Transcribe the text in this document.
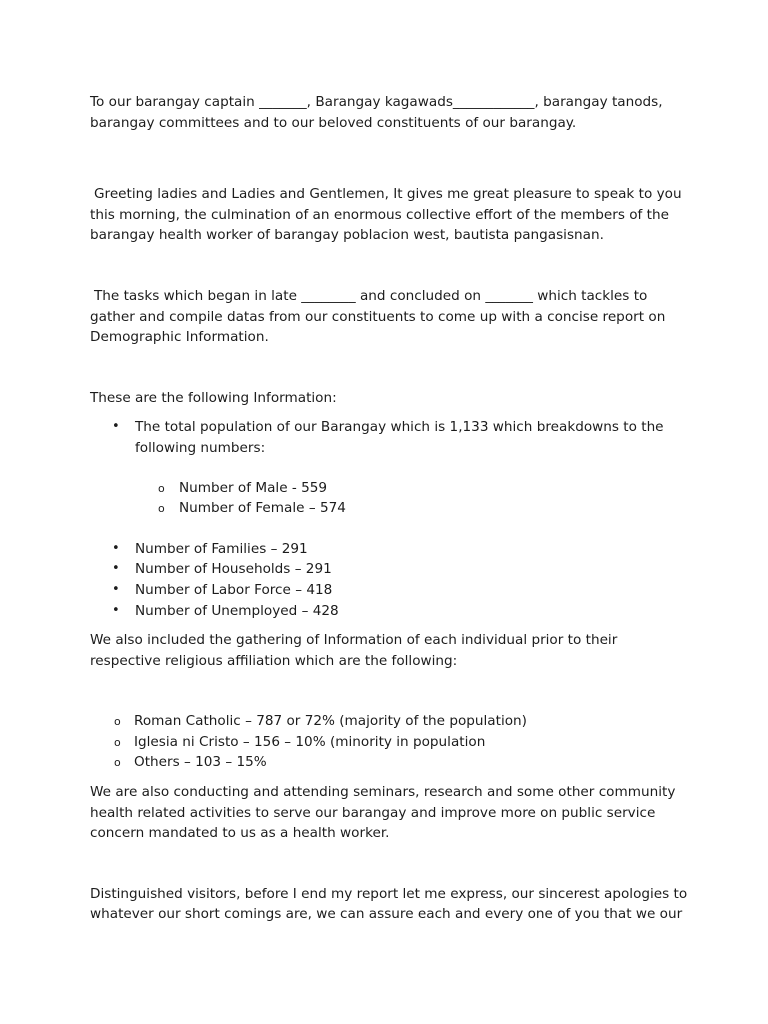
To our barangay captain _______, Barangay kagawads____________, barangay tanods, barangay committees and to our beloved constituents of our barangay.

Greeting ladies and Ladies and Gentlemen, It gives me great pleasure to speak to you this morning, the culmination of an enormous collective effort of the members of the barangay health worker of barangay poblacion west, bautista pangasisnan.

The tasks which began in late ________ and concluded on _______ which tackles to gather and compile datas from our constituents to come up with a concise report on Demographic Information.

These are the following Information:

• The total population of our Barangay which is 1,133 which breakdowns to the following numbers:
o Number of Male - 559
o Number of Female – 574
• Number of Families – 291
• Number of Households – 291
• Number of Labor Force – 418
• Number of Unemployed – 428

We also included the gathering of Information of each individual prior to their respective religious affiliation which are the following:

o Roman Catholic – 787 or 72% (majority of the population)
o Iglesia ni Cristo – 156 – 10% (minority in population
o Others – 103 – 15%

We are also conducting and attending seminars, research and some other community health related activities to serve our barangay and improve more on public service concern mandated to us as a health worker.

Distinguished visitors, before I end my report let me express, our sincerest apologies to whatever our short comings are, we can assure each and every one of you that we our
